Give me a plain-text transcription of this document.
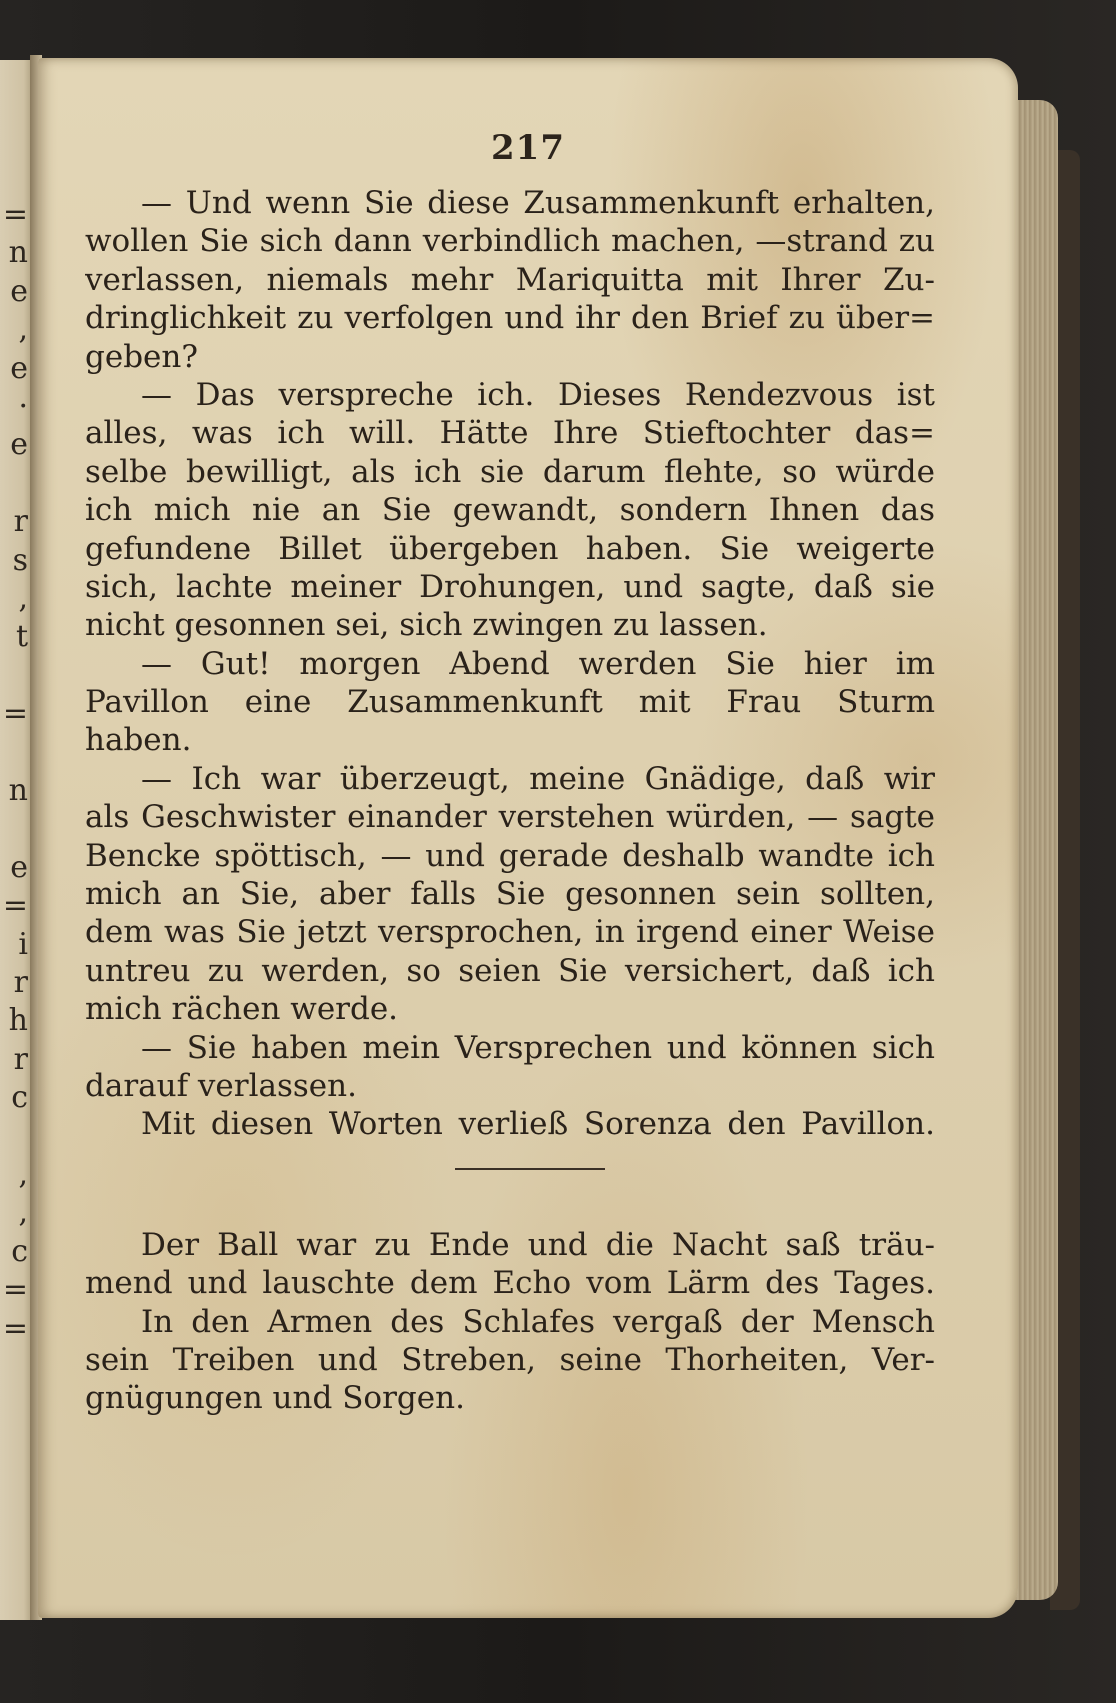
=
n
e
,
e
·
e
r
s
,
t
=
n
e
=
i
r
h
r
c
,
,
c
=
=
217
— Und wenn Sie diese Zusammenkunft erhalten,
wollen Sie sich dann verbindlich machen, —strand zu
verlassen, niemals mehr Mariquitta mit Ihrer Zu-
dringlichkeit zu verfolgen und ihr den Brief zu über=
geben?
— Das verspreche ich. Dieses Rendezvous ist
alles, was ich will. Hätte Ihre Stieftochter das=
selbe bewilligt, als ich sie darum flehte, so würde
ich mich nie an Sie gewandt, sondern Ihnen das
gefundene Billet übergeben haben. Sie weigerte
sich, lachte meiner Drohungen, und sagte, daß sie
nicht gesonnen sei, sich zwingen zu lassen.
— Gut! morgen Abend werden Sie hier im
Pavillon eine Zusammenkunft mit Frau Sturm
haben.
— Ich war überzeugt, meine Gnädige, daß wir
als Geschwister einander verstehen würden, — sagte
Bencke spöttisch, — und gerade deshalb wandte ich
mich an Sie, aber falls Sie gesonnen sein sollten,
dem was Sie jetzt versprochen, in irgend einer Weise
untreu zu werden, so seien Sie versichert, daß ich
mich rächen werde.
— Sie haben mein Versprechen und können sich
darauf verlassen.
Mit diesen Worten verließ Sorenza den Pavillon.
Der Ball war zu Ende und die Nacht saß träu-
mend und lauschte dem Echo vom Lärm des Tages.
In den Armen des Schlafes vergaß der Mensch
sein Treiben und Streben, seine Thorheiten, Ver-
gnügungen und Sorgen.
